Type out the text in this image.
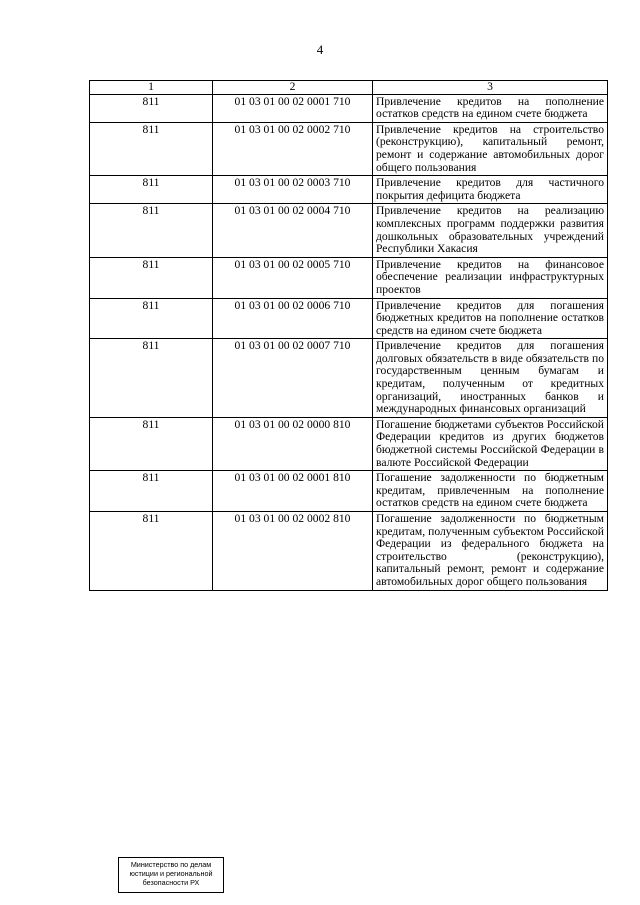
4
1	2	3
811	01 03 01 00 02 0001 710	Привлечение кредитов на пополнение остатков средств на едином счете бюджета
811	01 03 01 00 02 0002 710	Привлечение кредитов на строительство (реконструкцию), капитальный ремонт, ремонт и содержание автомобильных дорог общего пользования
811	01 03 01 00 02 0003 710	Привлечение кредитов для частичного покрытия дефицита бюджета
811	01 03 01 00 02 0004 710	Привлечение кредитов на реализацию комплексных программ поддержки развития дошкольных образовательных учреждений Республики Хакасия
811	01 03 01 00 02 0005 710	Привлечение кредитов на финансовое обеспечение реализации инфраструктурных проектов
811	01 03 01 00 02 0006 710	Привлечение кредитов для погашения бюджетных кредитов на пополнение остатков средств на едином счете бюджета
811	01 03 01 00 02 0007 710	Привлечение кредитов для погашения долговых обязательств в виде обязательств по государственным ценным бумагам и кредитам, полученным от кредитных организаций, иностранных банков и международных финансовых организаций
811	01 03 01 00 02 0000 810	Погашение бюджетами субъектов Российской Федерации кредитов из других бюджетов бюджетной системы Российской Федерации в валюте Российской Федерации
811	01 03 01 00 02 0001 810	Погашение задолженности по бюджетным кредитам, привлеченным на пополнение остатков средств на едином счете бюджета
811	01 03 01 00 02 0002 810	Погашение задолженности по бюджетным кредитам, полученным субъектом Российской Федерации из федерального бюджета на строительство (реконструкцию), капитальный ремонт, ремонт и содержание автомобильных дорог общего пользования
Министерство по делам
юстиции и региональной
безопасности РХ
